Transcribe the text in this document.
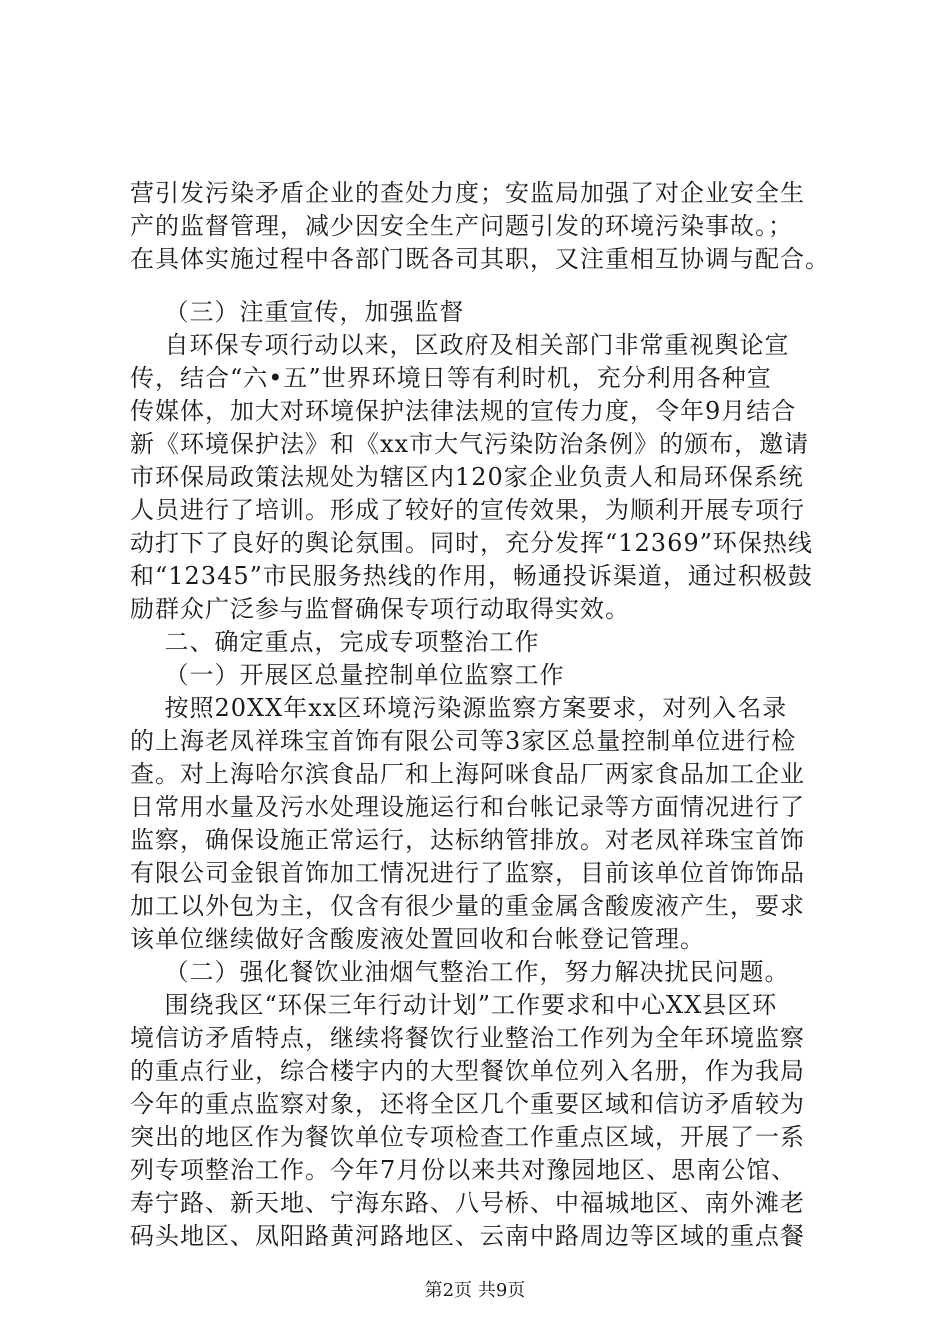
营引发污染矛盾企业的查处力度；安监局加强了对企业安全生
产的监督管理，减少因安全生产问题引发的环境污染事故。；
在具体实施过程中各部门既各司其职，又注重相互协调与配合。
（三）注重宣传，加强监督
自环保专项行动以来，区政府及相关部门非常重视舆论宣
传，结合“六•五”世界环境日等有利时机，充分利用各种宣
传媒体，加大对环境保护法律法规的宣传力度，令年9月结合
新《环境保护法》和《xx市大气污染防治条例》的颁布，邀请
市环保局政策法规处为辖区内120家企业负责人和局环保系统
人员进行了培训。形成了较好的宣传效果，为顺利开展专项行
动打下了良好的舆论氛围。同时，充分发挥“12369”环保热线
和“12345”市民服务热线的作用，畅通投诉渠道，通过积极鼓
励群众广泛参与监督确保专项行动取得实效。
二、确定重点，完成专项整治工作
（一）开展区总量控制单位监察工作
按照20XX年xx区环境污染源监察方案要求，对列入名录
的上海老凤祥珠宝首饰有限公司等3家区总量控制单位进行检
查。对上海哈尔滨食品厂和上海阿咪食品厂两家食品加工企业
日常用水量及污水处理设施运行和台帐记录等方面情况进行了
监察，确保设施正常运行，达标纳管排放。对老凤祥珠宝首饰
有限公司金银首饰加工情况进行了监察，目前该单位首饰饰品
加工以外包为主，仅含有很少量的重金属含酸废液产生，要求
该单位继续做好含酸废液处置回收和台帐登记管理。
（二）强化餐饮业油烟气整治工作，努力解决扰民问题。
围绕我区“环保三年行动计划”工作要求和中心XX县区环
境信访矛盾特点，继续将餐饮行业整治工作列为全年环境监察
的重点行业，综合楼宇内的大型餐饮单位列入名册，作为我局
今年的重点监察对象，还将全区几个重要区域和信访矛盾较为
突出的地区作为餐饮单位专项检查工作重点区域，开展了一系
列专项整治工作。今年7月份以来共对豫园地区、思南公馆、
寿宁路、新天地、宁海东路、八号桥、中福城地区、南外滩老
码头地区、凤阳路黄河路地区、云南中路周边等区域的重点餐
第2页 共9页
